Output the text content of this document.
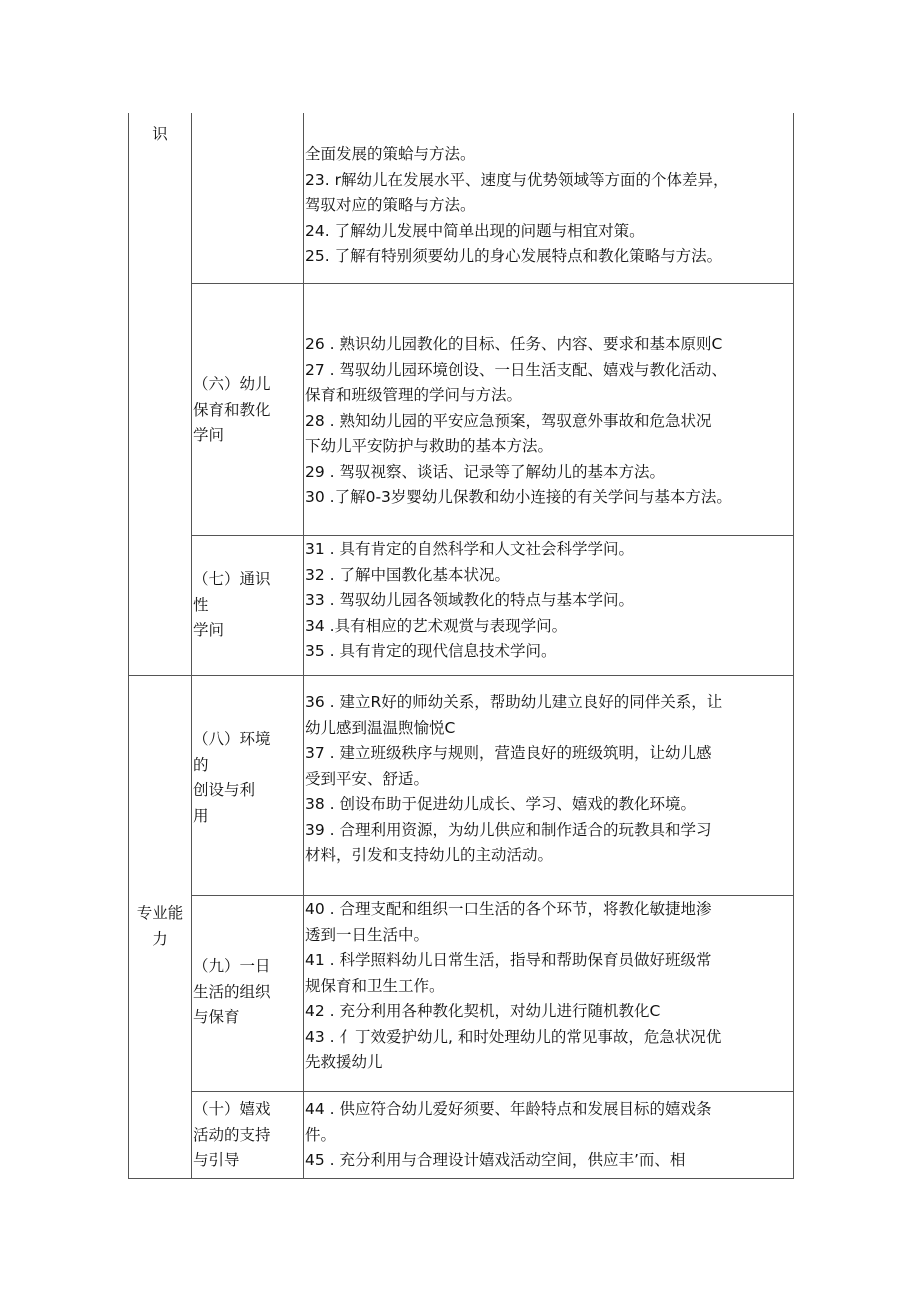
识
专业能
力
全面发展的策蛤与方法。
23. r解幼儿在发展水平、速度与优势领域等方面的个体差异，
驾驭对应的策略与方法。
24. 了解幼儿发展中简单出现的问题与相宜对策。
25. 了解有特别须要幼儿的身心发展特点和教化策略与方法。
（六）幼儿
保育和教化
学问
26 . 熟识幼儿园教化的目标、任务、内容、要求和基本原则C
27 . 驾驭幼儿园环境创设、一日生活支配、嬉戏与教化活动、
保育和班级管理的学问与方法。
28 . 熟知幼儿园的平安应急预案，驾驭意外事故和危急状况
下幼儿平安防护与救助的基本方法。
29 . 驾驭视察、谈话、记录等了解幼儿的基本方法。
30 .了解0-3岁婴幼儿保教和幼小连接的有关学问与基本方法。
（七）通识
性
学问
31 . 具有肯定的自然科学和人文社会科学学问。
32 . 了解中国教化基本状况。
33 . 驾驭幼儿园各领域教化的特点与基本学问。
34 .具有相应的艺术观赏与表现学问。
35 . 具有肯定的现代信息技术学问。
（八）环境
的
创设与利
用
36 . 建立R好的师幼关系，帮助幼儿建立良好的同伴关系，让
幼儿感到温温煦愉悦C
37 . 建立班级秩序与规则，营造良好的班级筑明，让幼儿感
受到平安、舒适。
38 . 创设布助于促进幼儿成长、学习、嬉戏的教化环境。
39 . 合理利用资源，为幼儿供应和制作适合的玩教具和学习
材料，引发和支持幼儿的主动活动。
（九）一日
生活的组织
与保育
40 . 合理支配和组织一口生活的各个环节，将教化敏捷地渗
透到一日生活中。
41 . 科学照料幼儿日常生活，指导和帮助保育员做好班级常
规保育和卫生工作。
42 . 充分利用各种教化契机，对幼儿进行随机教化C
43 . 亻丁效爱护幼儿, 和时处理幼儿的常见事故，危急状况优
先救援幼儿
（十）嬉戏
活动的支持
与引导
44 . 供应符合幼儿爱好须要、年龄特点和发展目标的嬉戏条
件。
45 . 充分利用与合理设计嬉戏活动空间，供应丰’而、相
